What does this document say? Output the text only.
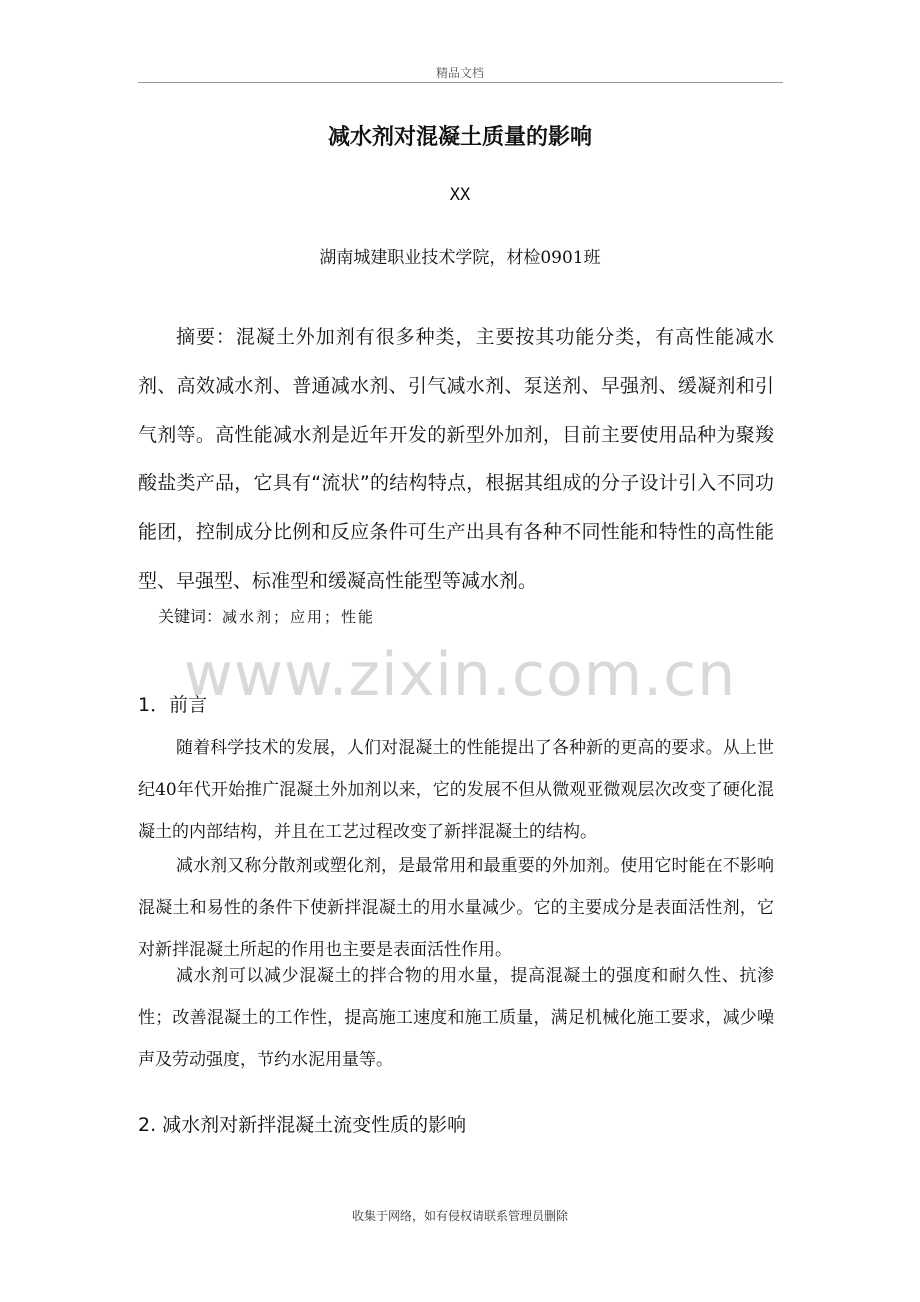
精品文档
减水剂对混凝土质量的影响
XX
湖南城建职业技术学院，材检0901班

摘要：混凝土外加剂有很多种类，主要按其功能分类，有高性能减水剂、高效减水剂、普通减水剂、引气减水剂、泵送剂、早强剂、缓凝剂和引气剂等。高性能减水剂是近年开发的新型外加剂，目前主要使用品种为聚羧酸盐类产品，它具有“流状”的结构特点，根据其组成的分子设计引入不同功能团，控制成分比例和反应条件可生产出具有各种不同性能和特性的高性能型、早强型、标准型和缓凝高性能型等减水剂。

关键词：减水剂；应用；性能
www.zixin.com.cn
1．前言

随着科学技术的发展，人们对混凝土的性能提出了各种新的更高的要求。从上世纪40年代开始推广混凝土外加剂以来，它的发展不但从微观亚微观层次改变了硬化混凝土的内部结构，并且在工艺过程改变了新拌混凝土的结构。

减水剂又称分散剂或塑化剂，是最常用和最重要的外加剂。使用它时能在不影响混凝土和易性的条件下使新拌混凝土的用水量减少。它的主要成分是表面活性剂，它对新拌混凝土所起的作用也主要是表面活性作用。

减水剂可以减少混凝土的拌合物的用水量，提高混凝土的强度和耐久性、抗渗性；改善混凝土的工作性，提高施工速度和施工质量，满足机械化施工要求，减少噪声及劳动强度，节约水泥用量等。

2. 减水剂对新拌混凝土流变性质的影响
收集于网络，如有侵权请联系管理员删除
